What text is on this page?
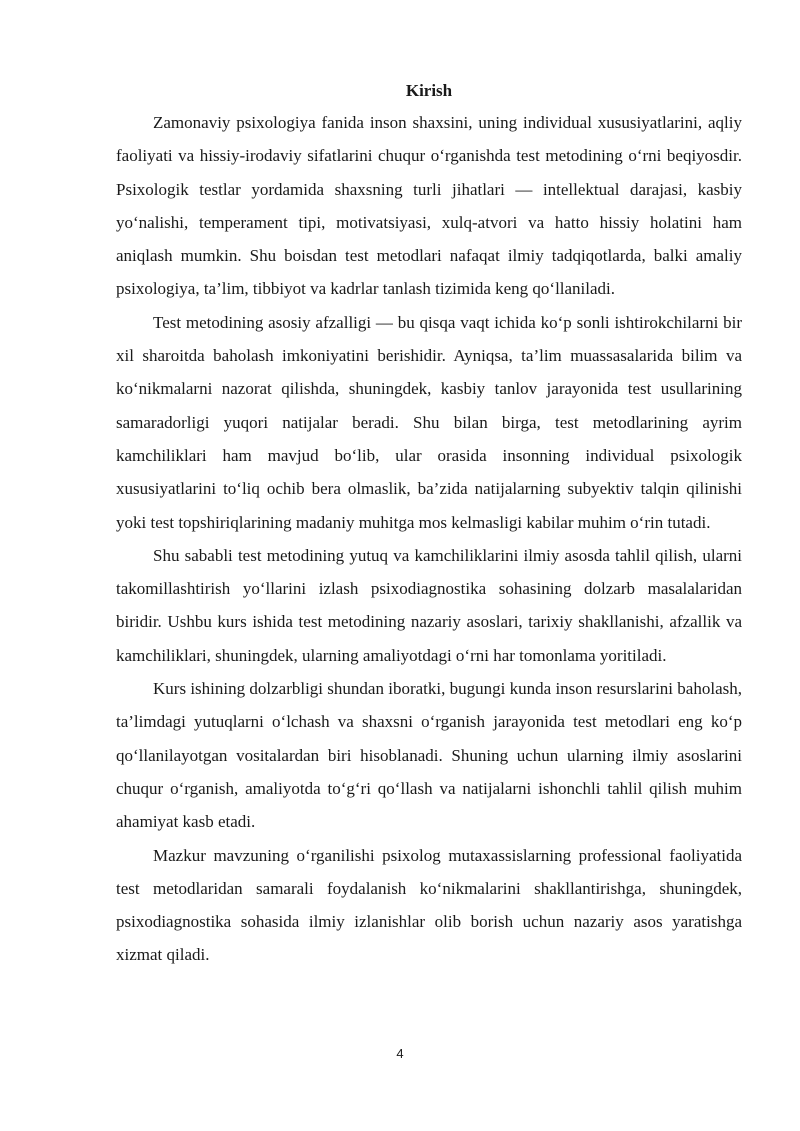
Kirish

Zamonaviy psixologiya fanida inson shaxsini, uning individual xususiyatlarini, aqliy faoliyati va hissiy-irodaviy sifatlarini chuqur o‘rganishda test metodining o‘rni beqiyosdir. Psixologik testlar yordamida shaxsning turli jihatlari — intellektual darajasi, kasbiy yo‘nalishi, temperament tipi, motivatsiyasi, xulq-atvori va hatto hissiy holatini ham aniqlash mumkin. Shu boisdan test metodlari nafaqat ilmiy tadqiqotlarda, balki amaliy psixologiya, ta’lim, tibbiyot va kadrlar tanlash tizimida keng qo‘llaniladi.

Test metodining asosiy afzalligi — bu qisqa vaqt ichida ko‘p sonli ishtirokchilarni bir xil sharoitda baholash imkoniyatini berishidir. Ayniqsa, ta’lim muassasalarida bilim va ko‘nikmalarni nazorat qilishda, shuningdek, kasbiy tanlov jarayonida test usullarining samaradorligi yuqori natijalar beradi. Shu bilan birga, test metodlarining ayrim kamchiliklari ham mavjud bo‘lib, ular orasida insonning individual psixologik xususiyatlarini to‘liq ochib bera olmaslik, ba’zida natijalarning subyektiv talqin qilinishi yoki test topshiriqlarining madaniy muhitga mos kelmasligi kabilar muhim o‘rin tutadi.

Shu sababli test metodining yutuq va kamchiliklarini ilmiy asosda tahlil qilish, ularni takomillashtirish yo‘llarini izlash psixodiagnostika sohasining dolzarb masalalaridan biridir. Ushbu kurs ishida test metodining nazariy asoslari, tarixiy shakllanishi, afzallik va kamchiliklari, shuningdek, ularning amaliyotdagi o‘rni har tomonlama yoritiladi.

Kurs ishining dolzarbligi shundan iboratki, bugungi kunda inson resurslarini baholash, ta’limdagi yutuqlarni o‘lchash va shaxsni o‘rganish jarayonida test metodlari eng ko‘p qo‘llanilayotgan vositalardan biri hisoblanadi. Shuning uchun ularning ilmiy asoslarini chuqur o‘rganish, amaliyotda to‘g‘ri qo‘llash va natijalarni ishonchli tahlil qilish muhim ahamiyat kasb etadi.

Mazkur mavzuning o‘rganilishi psixolog mutaxassislarning professional faoliyatida test metodlaridan samarali foydalanish ko‘nikmalarini shakllantirishga, shuningdek, psixodiagnostika sohasida ilmiy izlanishlar olib borish uchun nazariy asos yaratishga xizmat qiladi.

4
